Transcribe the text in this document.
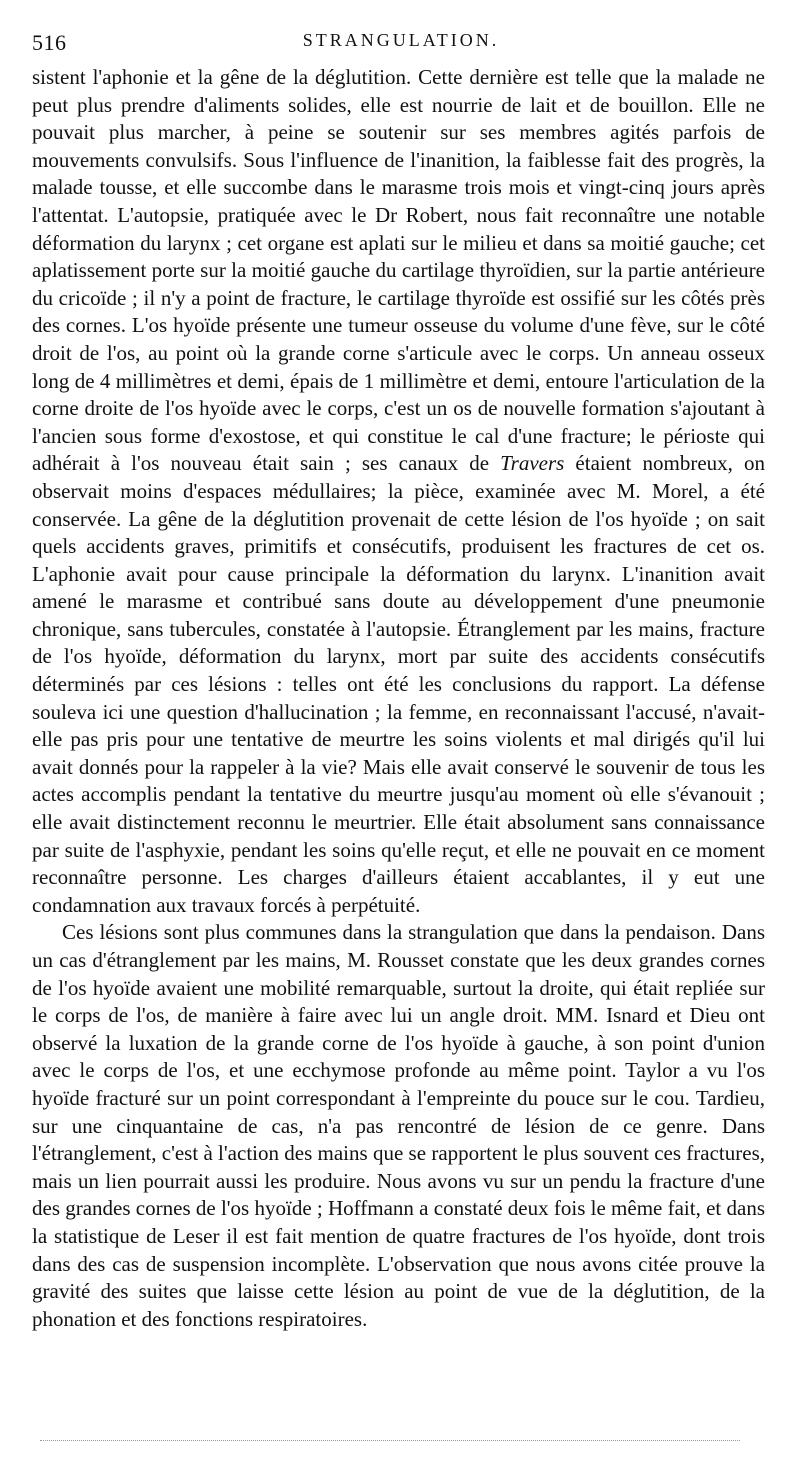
516	STRANGULATION.

sistent l'aphonie et la gêne de la déglutition. Cette dernière est telle que la malade ne peut plus prendre d'aliments solides, elle est nourrie de lait et de bouillon. Elle ne pouvait plus marcher, à peine se soutenir sur ses membres agités parfois de mouvements convulsifs. Sous l'influence de l'inanition, la faiblesse fait des progrès, la malade tousse, et elle succombe dans le marasme trois mois et vingt-cinq jours après l'attentat. L'autopsie, pratiquée avec le Dr Robert, nous fait reconnaître une notable déformation du larynx ; cet organe est aplati sur le milieu et dans sa moitié gauche; cet aplatissement porte sur la moitié gauche du cartilage thyroïdien, sur la partie antérieure du cricoïde ; il n'y a point de fracture, le cartilage thyroïde est ossifié sur les côtés près des cornes. L'os hyoïde présente une tumeur osseuse du volume d'une fève, sur le côté droit de l'os, au point où la grande corne s'articule avec le corps. Un anneau osseux long de 4 millimètres et demi, épais de 1 millimètre et demi, entoure l'articulation de la corne droite de l'os hyoïde avec le corps, c'est un os de nouvelle formation s'ajoutant à l'ancien sous forme d'exostose, et qui constitue le cal d'une fracture; le périoste qui adhérait à l'os nouveau était sain ; ses canaux de Travers étaient nombreux, on observait moins d'espaces médullaires; la pièce, examinée avec M. Morel, a été conservée. La gêne de la déglutition provenait de cette lésion de l'os hyoïde ; on sait quels accidents graves, primitifs et consécutifs, produisent les fractures de cet os. L'aphonie avait pour cause principale la déformation du larynx. L'inanition avait amené le marasme et contribué sans doute au développement d'une pneumonie chronique, sans tubercules, constatée à l'autopsie. Étranglement par les mains, fracture de l'os hyoïde, déformation du larynx, mort par suite des accidents consécutifs déterminés par ces lésions : telles ont été les conclusions du rapport. La défense souleva ici une question d'hallucination ; la femme, en reconnaissant l'accusé, n'avait-elle pas pris pour une tentative de meurtre les soins violents et mal dirigés qu'il lui avait donnés pour la rappeler à la vie? Mais elle avait conservé le souvenir de tous les actes accomplis pendant la tentative du meurtre jusqu'au moment où elle s'évanouit ; elle avait distinctement reconnu le meurtrier. Elle était absolument sans connaissance par suite de l'asphyxie, pendant les soins qu'elle reçut, et elle ne pouvait en ce moment reconnaître personne. Les charges d'ailleurs étaient accablantes, il y eut une condamnation aux travaux forcés à perpétuité.

Ces lésions sont plus communes dans la strangulation que dans la pendaison. Dans un cas d'étranglement par les mains, M. Rousset constate que les deux grandes cornes de l'os hyoïde avaient une mobilité remarquable, surtout la droite, qui était repliée sur le corps de l'os, de manière à faire avec lui un angle droit. MM. Isnard et Dieu ont observé la luxation de la grande corne de l'os hyoïde à gauche, à son point d'union avec le corps de l'os, et une ecchymose profonde au même point. Taylor a vu l'os hyoïde fracturé sur un point correspondant à l'empreinte du pouce sur le cou. Tardieu, sur une cinquantaine de cas, n'a pas rencontré de lésion de ce genre. Dans l'étranglement, c'est à l'action des mains que se rapportent le plus souvent ces fractures, mais un lien pourrait aussi les produire. Nous avons vu sur un pendu la fracture d'une des grandes cornes de l'os hyoïde ; Hoffmann a constaté deux fois le même fait, et dans la statistique de Leser il est fait mention de quatre fractures de l'os hyoïde, dont trois dans des cas de suspension incomplète. L'observation que nous avons citée prouve la gravité des suites que laisse cette lésion au point de vue de la déglutition, de la phonation et des fonctions respiratoires.
